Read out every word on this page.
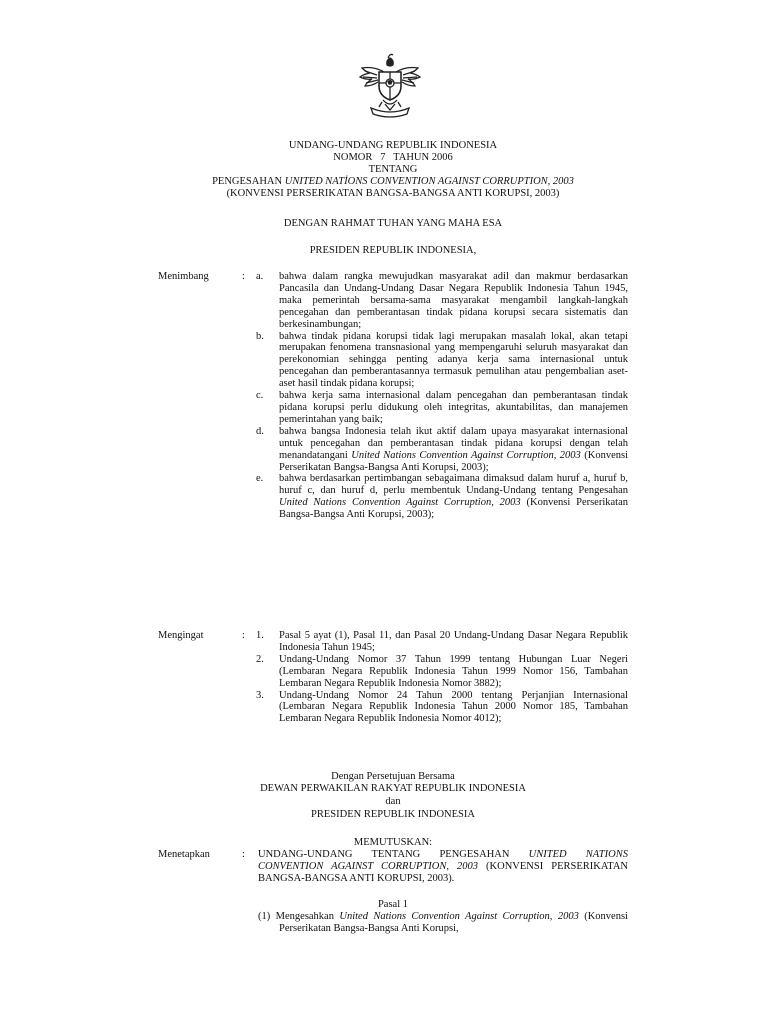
UNDANG-UNDANG REPUBLIK INDONESIA
NOMOR   7   TAHUN 2006
TENTANG
PENGESAHAN UNITED NATİONS CONVENTION AGAINST CORRUPTION, 2003
(KONVENSI PERSERIKATAN BANGSA-BANGSA ANTI KORUPSI, 2003)
DENGAN RAHMAT TUHAN YANG MAHA ESA
PRESIDEN REPUBLIK INDONESIA,
Menimbang	:	a.	bahwa dalam rangka mewujudkan masyarakat adil dan makmur berdasarkan Pancasila dan Undang-Undang Dasar Negara Republik Indonesia Tahun 1945, maka pemerintah bersama-sama masyarakat mengambil langkah-langkah pencegahan dan pemberantasan tindak pidana korupsi secara sistematis dan berkesinambungan;
b.	bahwa tindak pidana korupsi tidak lagi merupakan masalah lokal, akan tetapi merupakan fenomena transnasional yang mempengaruhi seluruh masyarakat dan perekonomian sehingga penting adanya kerja sama internasional untuk pencegahan dan pemberantasannya termasuk pemulihan atau pengembalian aset-aset hasil tindak pidana korupsi;
c.	bahwa kerja sama internasional dalam pencegahan dan pemberantasan tindak pidana korupsi perlu didukung oleh integritas, akuntabilitas, dan manajemen pemerintahan yang baik;
d.	bahwa bangsa Indonesia telah ikut aktif dalam upaya masyarakat internasional untuk pencegahan dan pemberantasan tindak pidana korupsi dengan telah menandatangani United Nations Convention Against Corruption, 2003 (Konvensi Perserikatan Bangsa-Bangsa Anti Korupsi, 2003);
e.	bahwa berdasarkan pertimbangan sebagaimana dimaksud dalam huruf a, huruf b, huruf c, dan huruf d, perlu membentuk Undang-Undang tentang Pengesahan United Nations Convention Against Corruption, 2003 (Konvensi Perserikatan Bangsa-Bangsa Anti Korupsi, 2003);
Mengingat	:	1.	Pasal 5 ayat (1), Pasal 11, dan Pasal 20 Undang-Undang Dasar Negara Republik Indonesia Tahun 1945;
2.	Undang-Undang Nomor 37 Tahun 1999 tentang Hubungan Luar Negeri (Lembaran Negara Republik Indonesia Tahun 1999 Nomor 156, Tambahan Lembaran Negara Republik Indonesia Nomor 3882);
3.	Undang-Undang Nomor 24 Tahun 2000 tentang Perjanjian Internasional (Lembaran Negara Republik Indonesia Tahun 2000 Nomor 185, Tambahan Lembaran Negara Republik Indonesia Nomor 4012);
Dengan Persetujuan Bersama
DEWAN PERWAKILAN RAKYAT REPUBLIK INDONESIA
dan
PRESIDEN REPUBLIK INDONESIA
MEMUTUSKAN:
Menetapkan	:	UNDANG-UNDANG TENTANG PENGESAHAN UNITED NATIONS CONVENTION AGAINST CORRUPTION, 2003 (KONVENSI PERSERIKATAN BANGSA-BANGSA ANTI KORUPSI, 2003).
Pasal 1
(1) Mengesahkan United Nations Convention Against Corruption, 2003 (Konvensi Perserikatan Bangsa-Bangsa Anti Korupsi,
